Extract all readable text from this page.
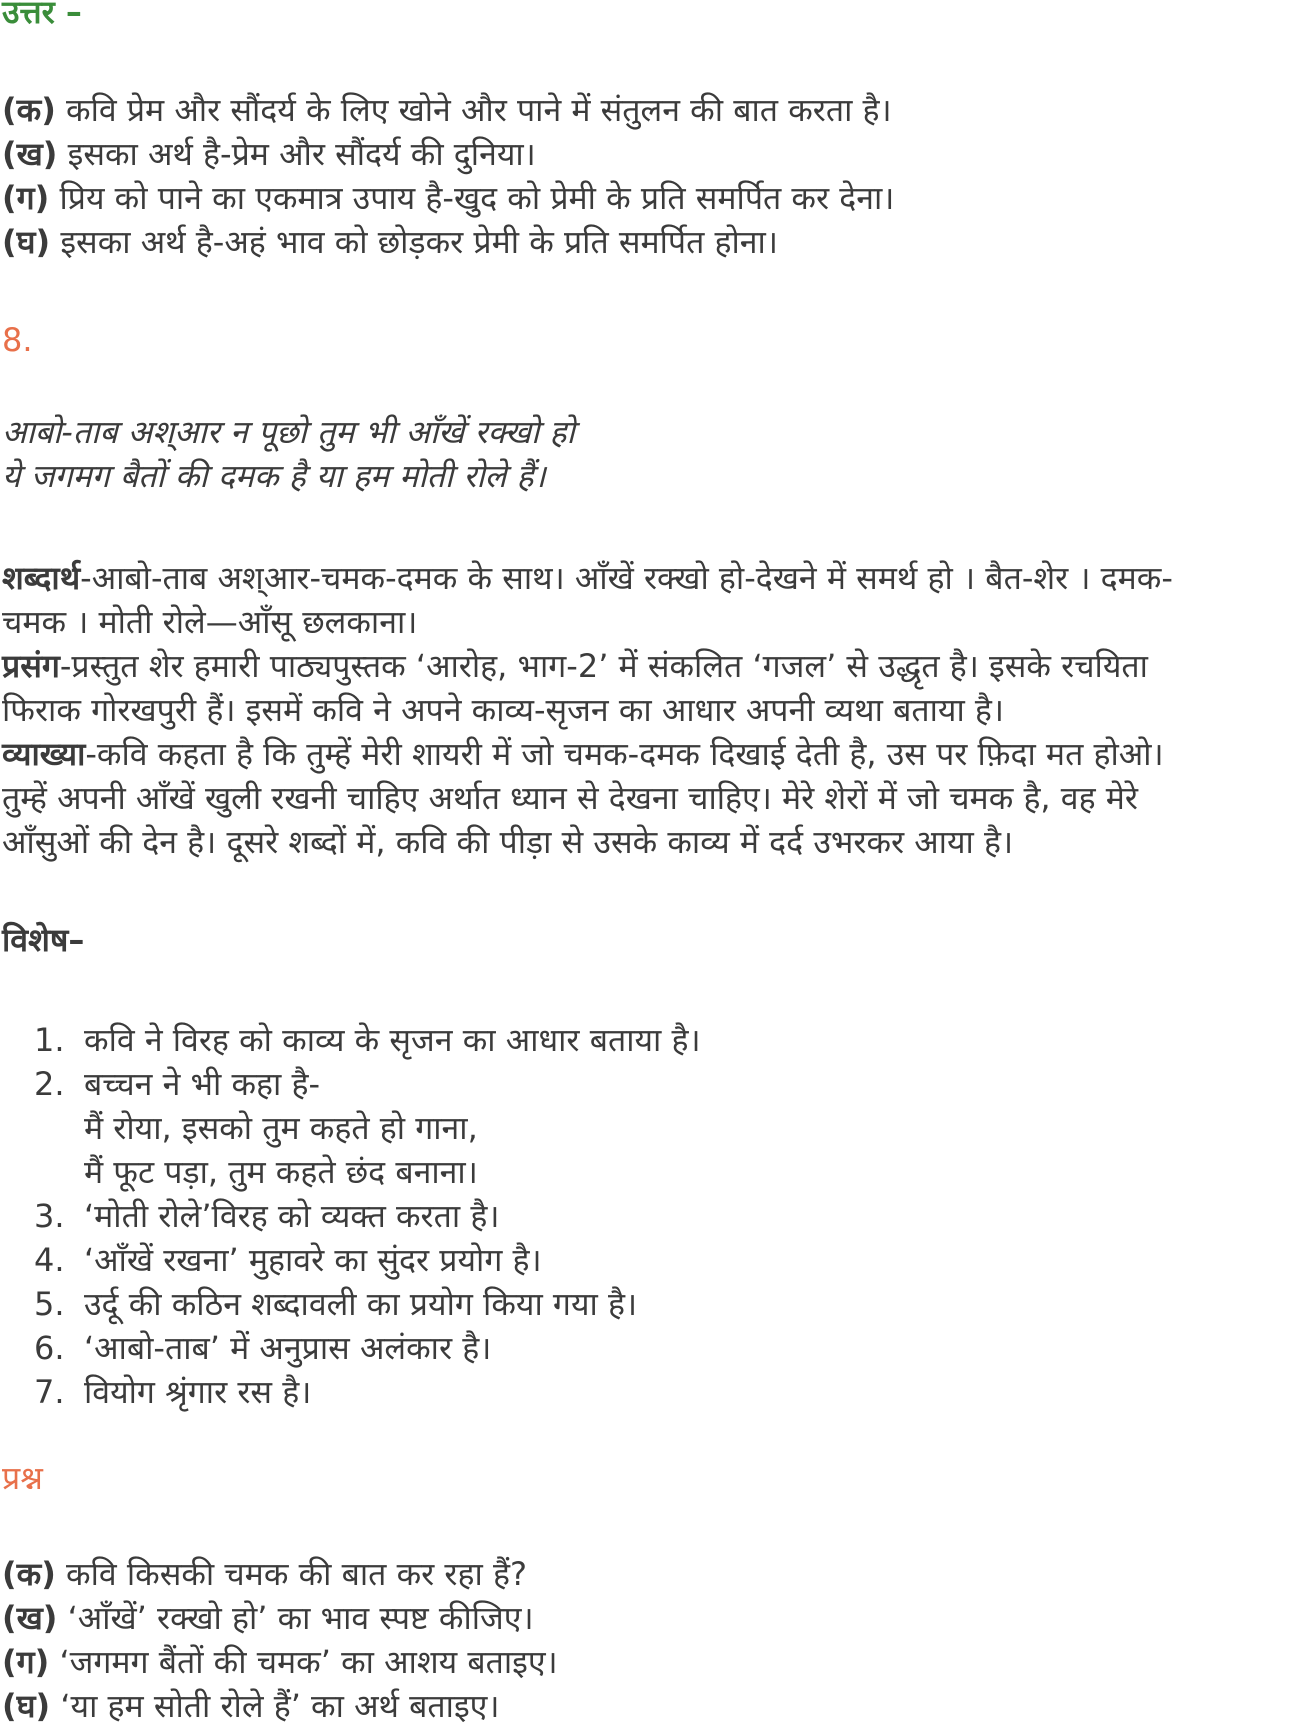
उत्तर –
(क) कवि प्रेम और सौंदर्य के लिए खोने और पाने में संतुलन की बात करता है।
(ख) इसका अर्थ है-प्रेम और सौंदर्य की दुनिया।
(ग) प्रिय को पाने का एकमात्र उपाय है-खुद को प्रेमी के प्रति समर्पित कर देना।
(घ) इसका अर्थ है-अहं भाव को छोड़कर प्रेमी के प्रति समर्पित होना।
8.
आबो-ताब अश्आर न पूछो तुम भी आँखें रक्खो हो
ये जगमग बैतों की दमक है या हम मोती रोले हैं।
शब्दार्थ-आबो-ताब अश्आर-चमक-दमक के साथ। आँखें रक्खो हो-देखने में समर्थ हो । बैत-शेर । दमक-
चमक । मोती रोले—आँसू छलकाना।
प्रसंग-प्रस्तुत शेर हमारी पाठ्यपुस्तक ‘आरोह, भाग-2’ में संकलित ‘गजल’ से उद्धृत है। इसके रचयिता
फिराक गोरखपुरी हैं। इसमें कवि ने अपने काव्य-सृजन का आधार अपनी व्यथा बताया है।
व्याख्या-कवि कहता है कि तुम्हें मेरी शायरी में जो चमक-दमक दिखाई देती है, उस पर फ़िदा मत होओ।
तुम्हें अपनी आँखें खुली रखनी चाहिए अर्थात ध्यान से देखना चाहिए। मेरे शेरों में जो चमक है, वह मेरे
आँसुओं की देन है। दूसरे शब्दों में, कवि की पीड़ा से उसके काव्य में दर्द उभरकर आया है।
विशेष–
1. कवि ने विरह को काव्य के सृजन का आधार बताया है।
2. बच्चन ने भी कहा है-
मैं रोया, इसको तुम कहते हो गाना,
मैं फूट पड़ा, तुम कहते छंद बनाना।
3. ‘मोती रोले’विरह को व्यक्त करता है।
4. ‘आँखें रखना’ मुहावरे का सुंदर प्रयोग है।
5. उर्दू की कठिन शब्दावली का प्रयोग किया गया है।
6. ‘आबो-ताब’ में अनुप्रास अलंकार है।
7. वियोग श्रृंगार रस है।
प्रश्न
(क) कवि किसकी चमक की बात कर रहा हैं?
(ख) ‘आँखें’ रक्खो हो’ का भाव स्पष्ट कीजिए।
(ग) ‘जगमग बैंतों की चमक’ का आशय बताइए।
(घ) ‘या हम सोती रोले हैं’ का अर्थ बताइए।
